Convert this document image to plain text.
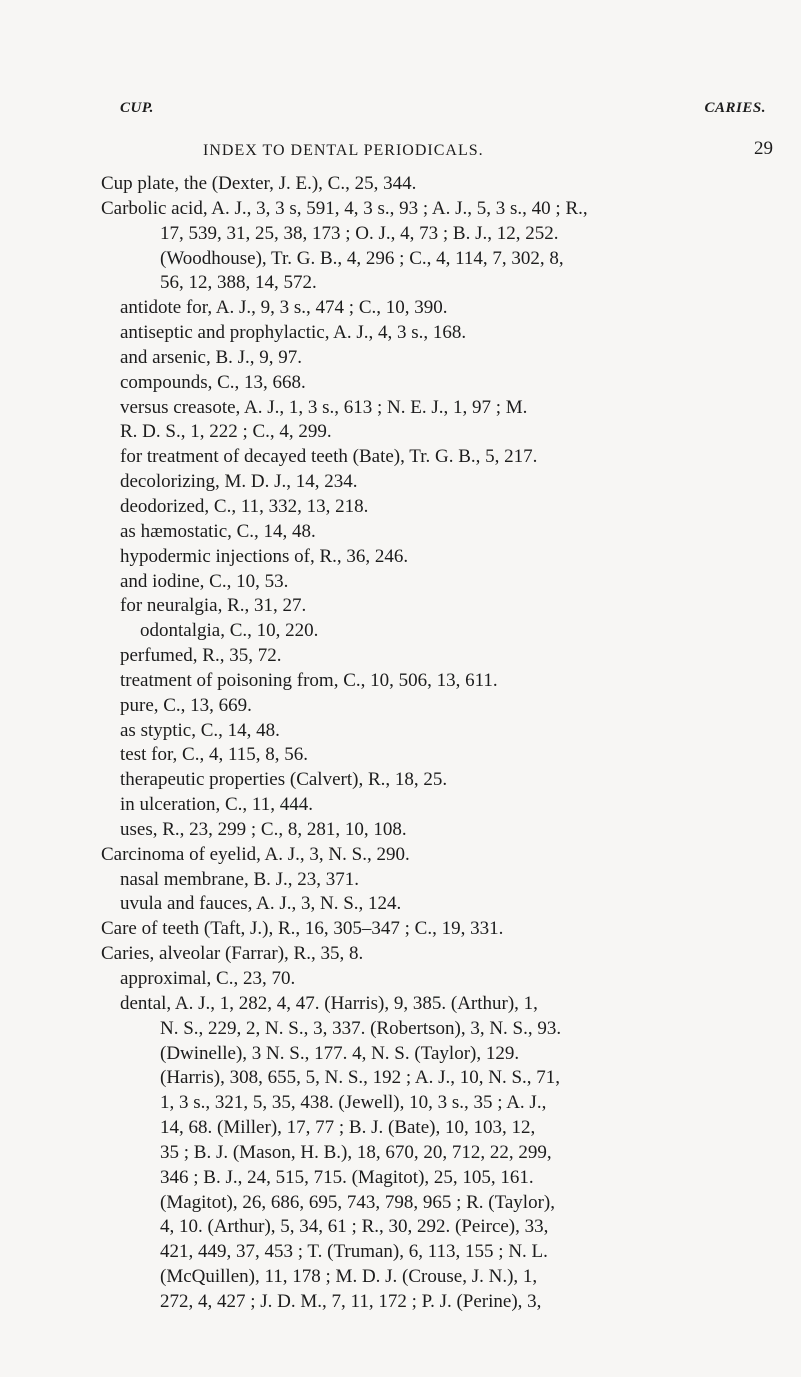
CUP.	CARIES.
INDEX TO DENTAL PERIODICALS.	29

Cup plate, the (Dexter, J. E.), C., 25, 344.

Carbolic acid, A. J., 3, 3 s, 591, 4, 3 s., 93 ; A. J., 5, 3 s., 40 ; R.,

17, 539, 31, 25, 38, 173 ; O. J., 4, 73 ; B. J., 12, 252.

(Woodhouse), Tr. G. B., 4, 296 ; C., 4, 114, 7, 302, 8,

56, 12, 388, 14, 572.

antidote for, A. J., 9, 3 s., 474 ; C., 10, 390.

antiseptic and prophylactic, A. J., 4, 3 s., 168.

and arsenic, B. J., 9, 97.

compounds, C., 13, 668.

versus creasote, A. J., 1, 3 s., 613 ; N. E. J., 1, 97 ; M.

R. D. S., 1, 222 ; C., 4, 299.

for treatment of decayed teeth (Bate), Tr. G. B., 5, 217.

decolorizing, M. D. J., 14, 234.

deodorized, C., 11, 332, 13, 218.

as hæmostatic, C., 14, 48.

hypodermic injections of, R., 36, 246.

and iodine, C., 10, 53.

for neuralgia, R., 31, 27.

odontalgia, C., 10, 220.

perfumed, R., 35, 72.

treatment of poisoning from, C., 10, 506, 13, 611.

pure, C., 13, 669.

as styptic, C., 14, 48.

test for, C., 4, 115, 8, 56.

therapeutic properties (Calvert), R., 18, 25.

in ulceration, C., 11, 444.

uses, R., 23, 299 ; C., 8, 281, 10, 108.

Carcinoma of eyelid, A. J., 3, N. S., 290.

nasal membrane, B. J., 23, 371.

uvula and fauces, A. J., 3, N. S., 124.

Care of teeth (Taft, J.), R., 16, 305–347 ; C., 19, 331.

Caries, alveolar (Farrar), R., 35, 8.

approximal, C., 23, 70.

dental, A. J., 1, 282, 4, 47. (Harris), 9, 385. (Arthur), 1,

N. S., 229, 2, N. S., 3, 337. (Robertson), 3, N. S., 93.

(Dwinelle), 3 N. S., 177. 4, N. S. (Taylor), 129.

(Harris), 308, 655, 5, N. S., 192 ; A. J., 10, N. S., 71,

1, 3 s., 321, 5, 35, 438. (Jewell), 10, 3 s., 35 ; A. J.,

14, 68. (Miller), 17, 77 ; B. J. (Bate), 10, 103, 12,

35 ; B. J. (Mason, H. B.), 18, 670, 20, 712, 22, 299,

346 ; B. J., 24, 515, 715. (Magitot), 25, 105, 161.

(Magitot), 26, 686, 695, 743, 798, 965 ; R. (Taylor),

4, 10. (Arthur), 5, 34, 61 ; R., 30, 292. (Peirce), 33,

421, 449, 37, 453 ; T. (Truman), 6, 113, 155 ; N. L.

(McQuillen), 11, 178 ; M. D. J. (Crouse, J. N.), 1,

272, 4, 427 ; J. D. M., 7, 11, 172 ; P. J. (Perine), 3,
